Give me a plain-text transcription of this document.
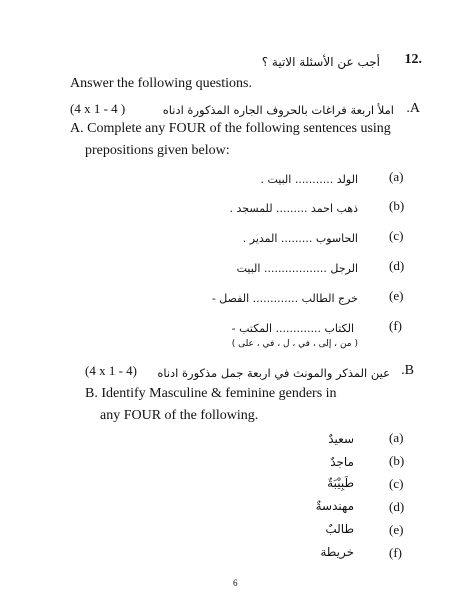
12.
أجب عن الأسئلة الاتية ؟
Answer the following questions.
.A
املأ اربعة فراغات بالحروف الجاره المذكورة ادناه
(4 x 1 - 4 )
A. Complete any FOUR of the following sentences using
prepositions given below:
(a)
الولد ........... البيت .
(b)
ذهب احمد ......... للمسجد .
(c)
الحاسوب ......... المدير .
(d)
الرجل .................. البيت
(e)
خرج الطالب ............. الفصل -
(f)
الكتاب ............. المكتب -
( من ، إلى ، في ، ل ، في ، على )
.B
عين المذكر والمونث في اربعة جمل مذكورة ادناه
(4 x 1 - 4)
B. Identify Masculine & feminine genders in
any FOUR of the following.
(a)
سعيدٌ
(b)
ماجدٌ
(c)
طَبِيْبَةٌ
(d)
مهندسةٌ
(e)
طالبٌ
(f)
خريطة
6
